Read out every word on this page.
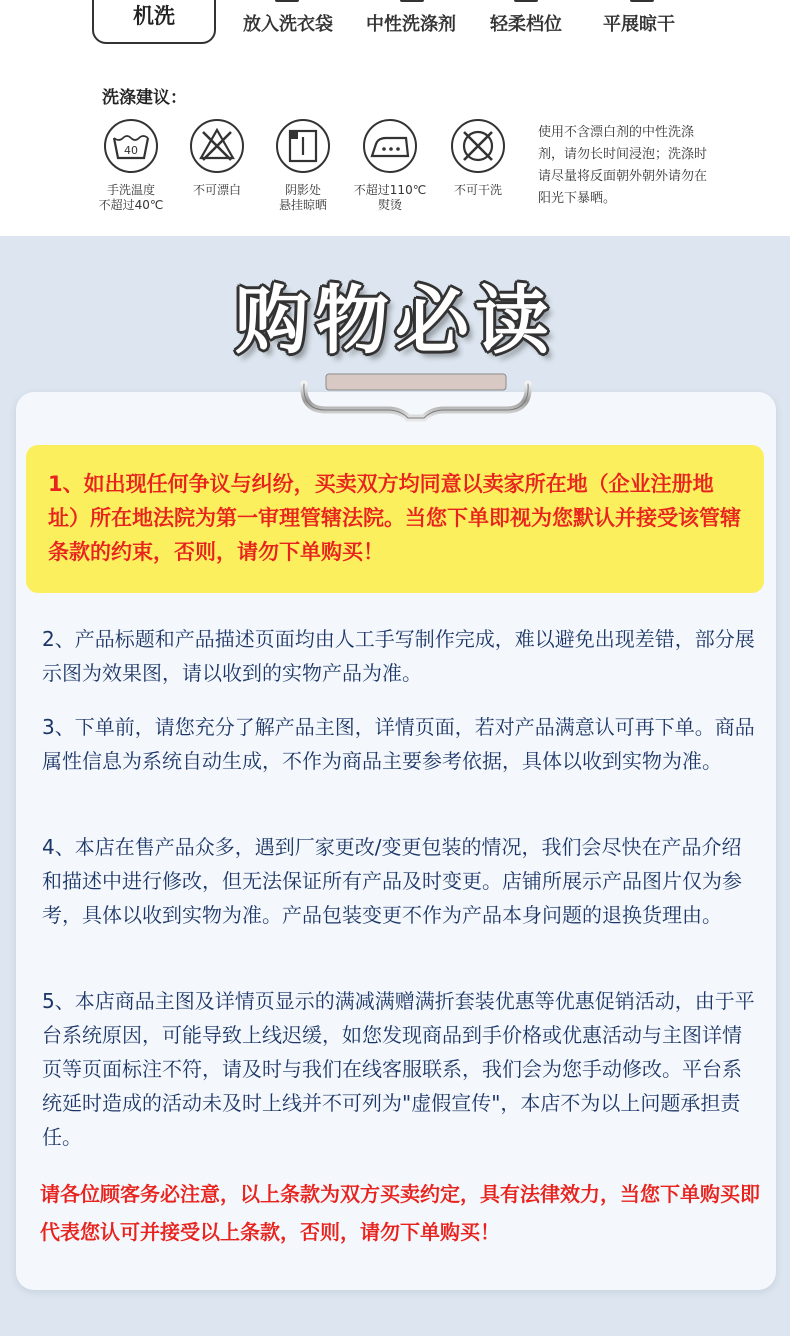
机洗	放入洗衣袋 中性洗涤剂 轻柔档位 平展晾干
洗涤建议：
40
手洗温度
不超过40℃
不可漂白	阴影处
悬挂晾晒
不超过110℃
熨烫
不可干洗
使用不含漂白剂的中性洗涤剂，请勿长时间浸泡；洗涤时请尽量将反面朝外朝外请勿在阳光下暴晒。
购物必读

1、如出现任何争议与纠纷，买卖双方均同意以卖家所在地（企业注册地址）所在地法院为第一审理管辖法院。当您下单即视为您默认并接受该管辖条款的约束，否则，请勿下单购买！

2、产品标题和产品描述页面均由人工手写制作完成，难以避免出现差错，部分展示图为效果图，请以收到的实物产品为准。
3、下单前，请您充分了解产品主图，详情页面，若对产品满意认可再下单。商品属性信息为系统自动生成，不作为商品主要参考依据，具体以收到实物为准。
4、本店在售产品众多，遇到厂家更改/变更包装的情况，我们会尽快在产品介绍和描述中进行修改，但无法保证所有产品及时变更。店铺所展示产品图片仅为参考，具体以收到实物为准。产品包装变更不作为产品本身问题的退换货理由。
5、本店商品主图及详情页显示的满减满赠满折套装优惠等优惠促销活动，由于平台系统原因，可能导致上线迟缓，如您发现商品到手价格或优惠活动与主图详情页等页面标注不符，请及时与我们在线客服联系，我们会为您手动修改。平台系统延时造成的活动未及时上线并不可列为"虚假宣传"，本店不为以上问题承担责任。
请各位顾客务必注意，以上条款为双方买卖约定，具有法律效力，当您下单购买即代表您认可并接受以上条款，否则，请勿下单购买！
